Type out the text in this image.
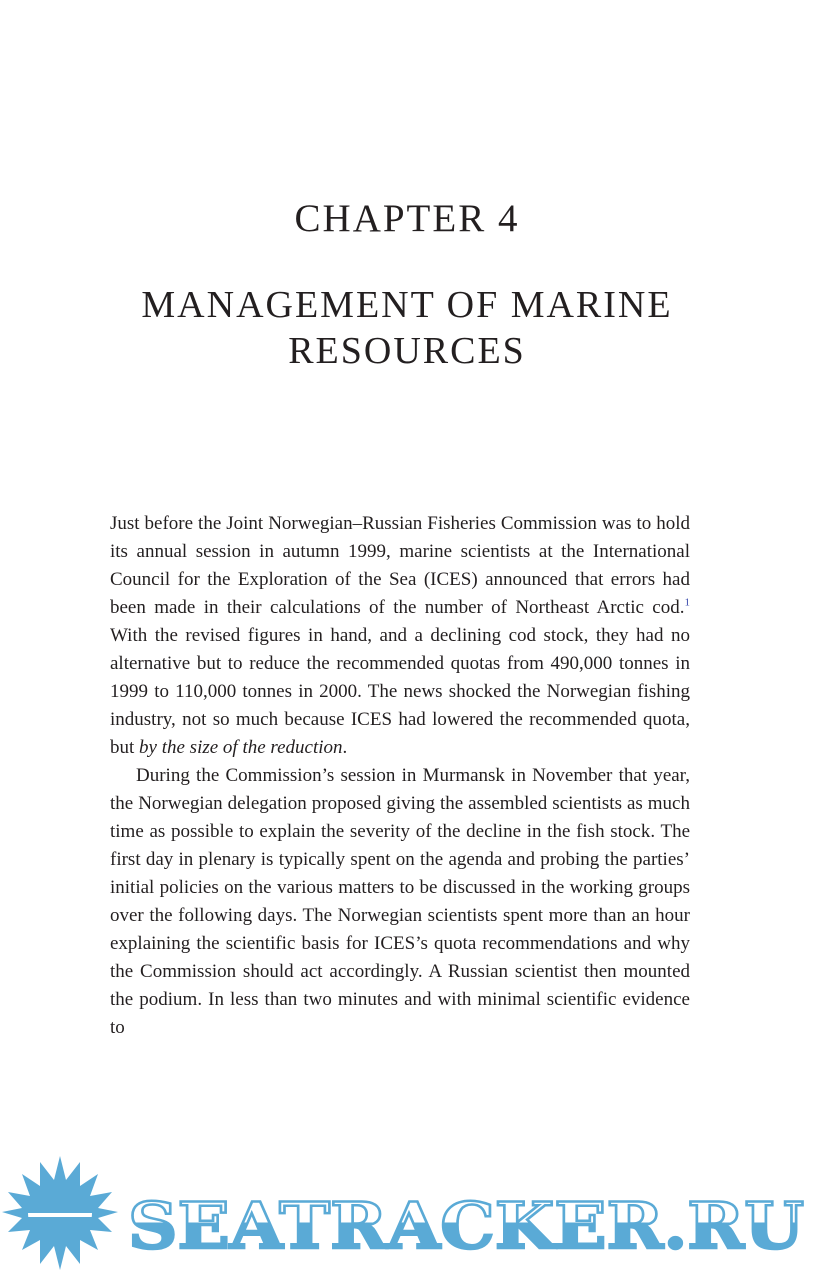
CHAPTER 4
MANAGEMENT OF MARINE
RESOURCES

Just before the Joint Norwegian–Russian Fisheries Commission was to hold its annual session in autumn 1999, marine scientists at the International Council for the Exploration of the Sea (ICES) announced that errors had been made in their calculations of the number of Northeast Arctic cod.$^1$ With the revised figures in hand, and a declining cod stock, they had no alternative but to reduce the recommended quotas from 490,000 tonnes in 1999 to 110,000 tonnes in 2000. The news shocked the Norwegian fishing industry, not so much because ICES had lowered the recommended quota, but by the size of the reduction.

During the Commission’s session in Murmansk in November that year, the Norwegian delegation proposed giving the assembled scientists as much time as possible to explain the severity of the decline in the fish stock. The first day in plenary is typically spent on the agenda and probing the parties’ initial policies on the various matters to be discussed in the working groups over the following days. The Norwegian scientists spent more than an hour explaining the scientific basis for ICES’s quota recommendations and why the Commission should act accordingly. A Russian scientist then mounted the podium. In less than two minutes and with minimal scientific evidence to

SEATRACKER.RU
